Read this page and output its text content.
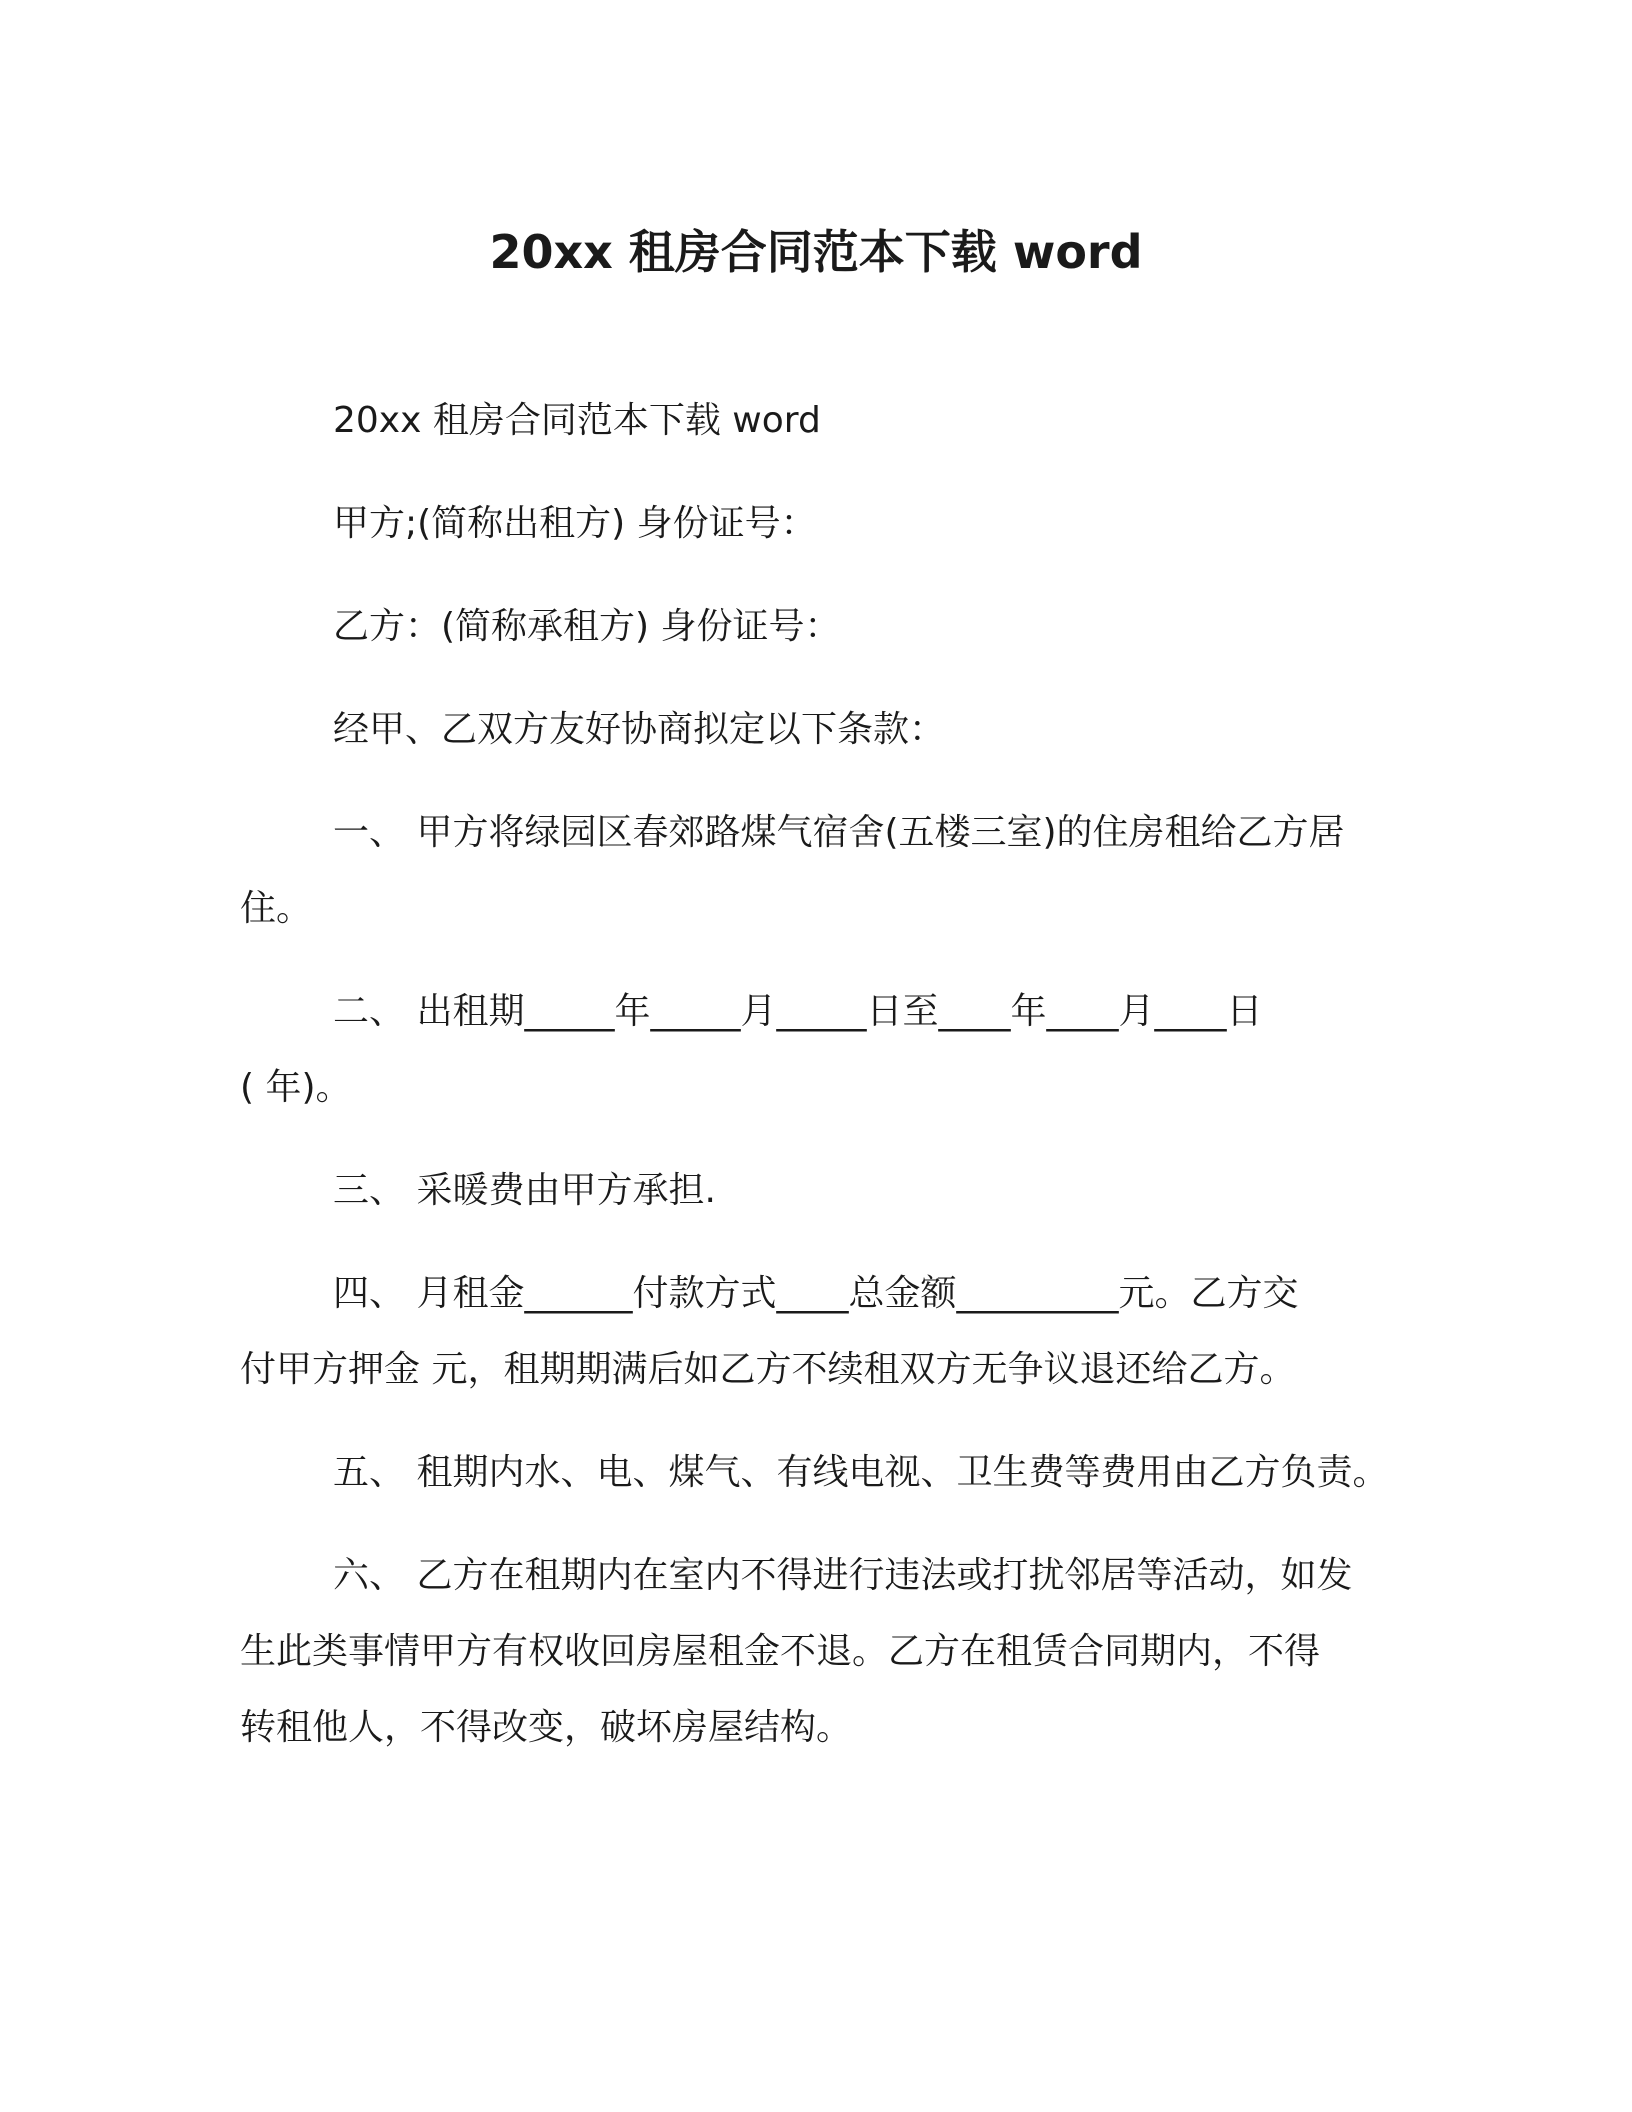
20xx 租房合同范本下载 word

20xx 租房合同范本下载 word

甲方;(简称出租方) 身份证号：

乙方：(简称承租方) 身份证号：

经甲、乙双方友好协商拟定以下条款：

一、 甲方将绿园区春郊路煤气宿舍(五楼三室)的住房租给乙方居

住。

二、 出租期_____年_____月_____日至____年____月____日

( 年)。

三、 采暖费由甲方承担.

四、 月租金______付款方式____总金额_________元。乙方交

付甲方押金 元，租期期满后如乙方不续租双方无争议退还给乙方。

五、 租期内水、电、煤气、有线电视、卫生费等费用由乙方负责。

六、 乙方在租期内在室内不得进行违法或打扰邻居等活动，如发

生此类事情甲方有权收回房屋租金不退。乙方在租赁合同期内，不得

转租他人，不得改变，破坏房屋结构。
